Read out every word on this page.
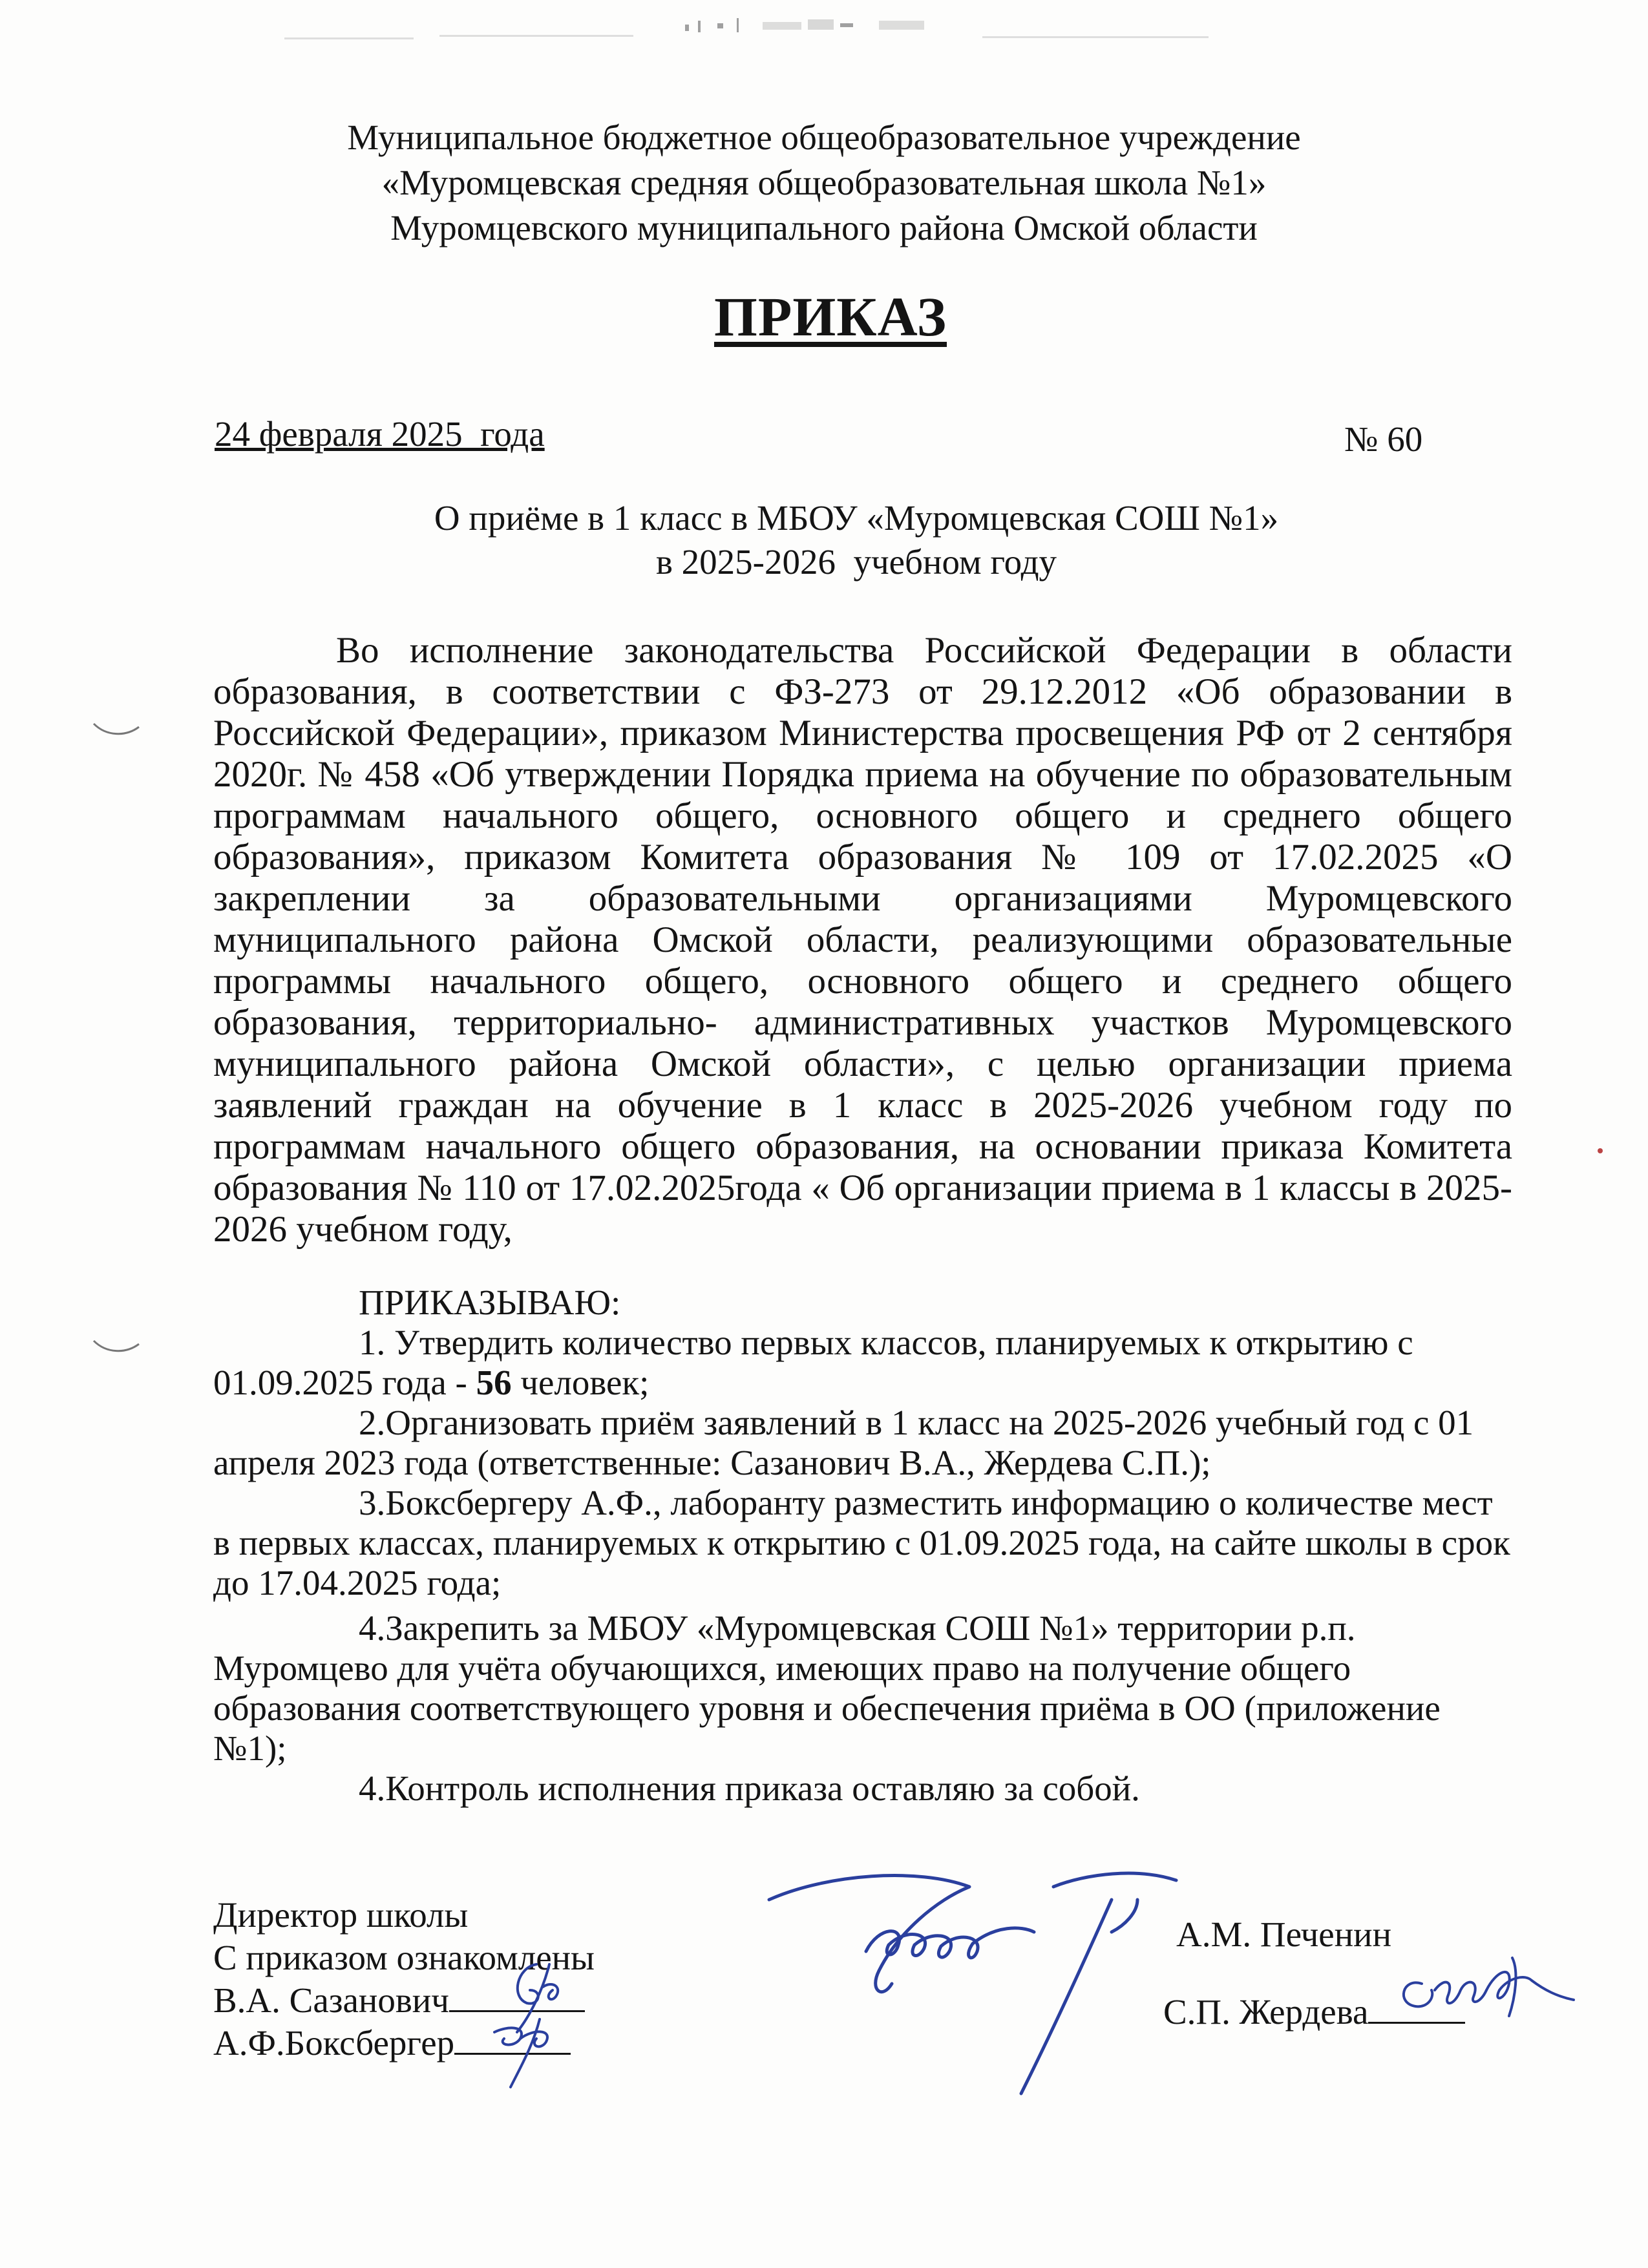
Муниципальное бюджетное общеобразовательное учреждение
«Муромцевская средняя общеобразовательная школа №1»
Муромцевского муниципального района Омской области
ПРИКАЗ
24 февраля 2025  года	№ 60
О приёме в 1 класс в МБОУ «Муромцевская СОШ №1»
в 2025-2026  учебном году
Во исполнение законодательства Российской Федерации в области образования, в соответствии с ФЗ-273 от 29.12.2012 «Об образовании в Российской Федерации», приказом Министерства просвещения РФ от 2 сентября 2020г. № 458 «Об утверждении Порядка приема на обучение по образовательным программам начального общего, основного общего и среднего общего образования», приказом Комитета образования № 109 от 17.02.2025 «О закреплении за образовательными организациями Муромцевского муниципального района Омской области, реализующими образовательные программы начального общего, основного общего и среднего общего образования, территориально- административных участков Муромцевского муниципального района Омской области», с целью организации приема заявлений граждан на обучение в 1 класс в 2025-2026 учебном году по программам начального общего образования, на основании приказа Комитета образования № 110 от 17.02.2025года « Об организации приема в 1 классы в 2025-2026 учебном году,
ПРИКАЗЫВАЮ:
1. Утвердить количество первых классов, планируемых к открытию с 01.09.2025 года - 56 человек;
2.Организовать приём заявлений в 1 класс на 2025-2026 учебный год с 01 апреля 2023 года (ответственные: Сазанович В.А., Жердева С.П.);
3.Боксбергеру А.Ф., лаборанту разместить информацию о количестве мест в первых классах, планируемых к открытию с 01.09.2025 года, на сайте школы в срок до 17.04.2025 года;
4.Закрепить за МБОУ «Муромцевская СОШ №1» территории р.п. Муромцево для учёта обучающихся, имеющих право на получение общего образования соответствующего уровня и обеспечения приёма в ОО (приложение №1);
4.Контроль исполнения приказа оставляю за собой.
Директор школы
С приказом ознакомлены
В.А. Сазанович
А.Ф.Боксбергер
А.М. Печенин
С.П. Жердева
